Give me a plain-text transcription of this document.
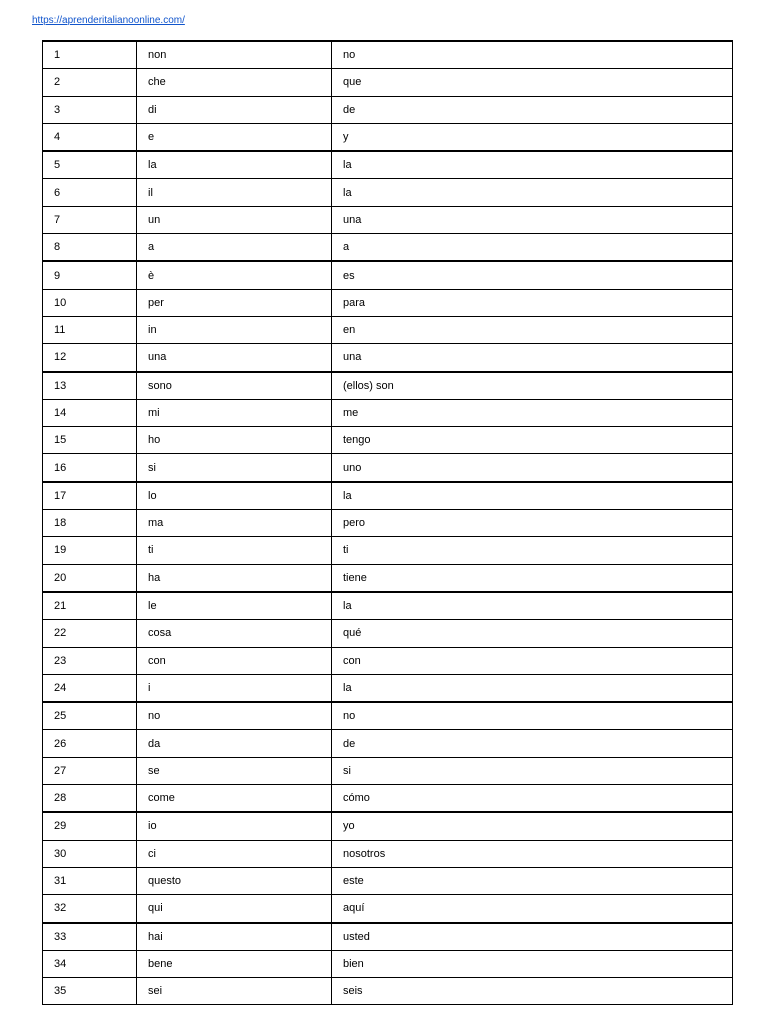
https://aprenderitalianoonline.com/
1	non	no
2	che	que
3	di	de
4	e	y
5	la	la
6	il	la
7	un	una
8	a	a
9	è	es
10	per	para
11	in	en
12	una	una
13	sono	(ellos) son
14	mi	me
15	ho	tengo
16	si	uno
17	lo	la
18	ma	pero
19	ti	ti
20	ha	tiene
21	le	la
22	cosa	qué
23	con	con
24	i	la
25	no	no
26	da	de
27	se	si
28	come	cómo
29	io	yo
30	ci	nosotros
31	questo	este
32	qui	aquí
33	hai	usted
34	bene	bien
35	sei	seis
